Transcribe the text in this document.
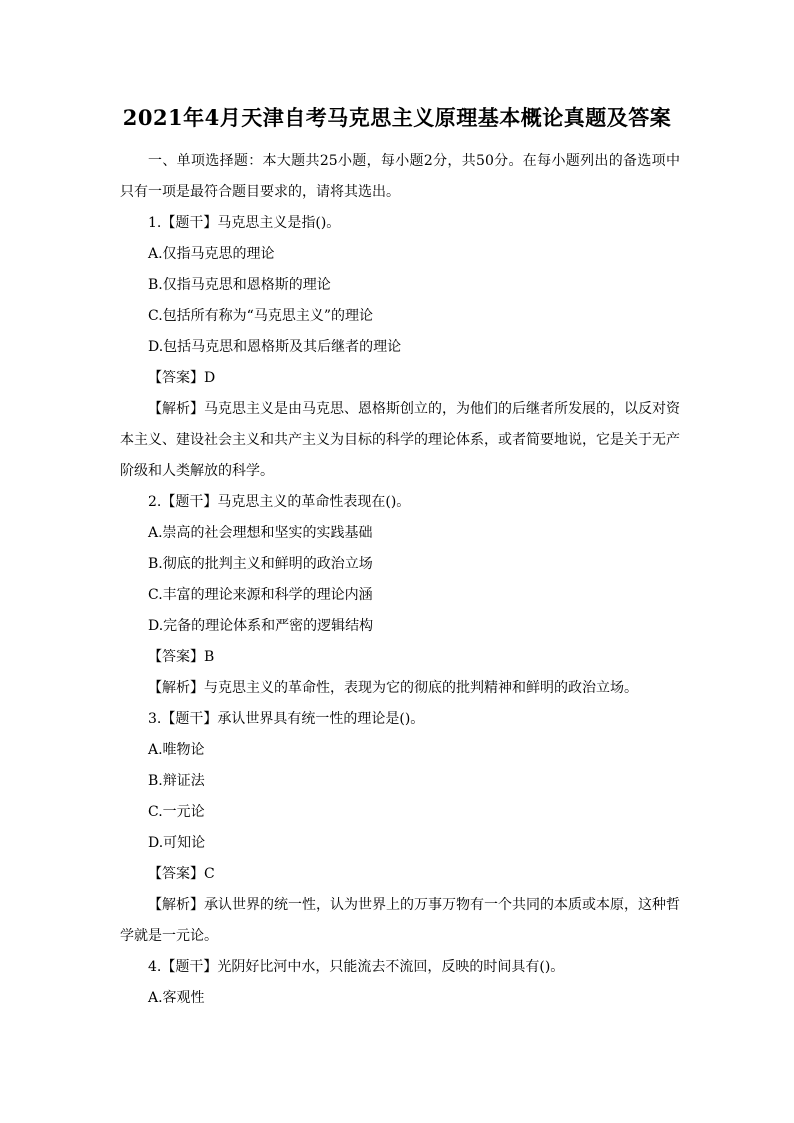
2021年4月天津自考马克思主义原理基本概论真题及答案
一、单项选择题：本大题共25小题，每小题2分，共50分。在每小题列出的备选项中只有一项是最符合题目要求的，请将其选出。
1.【题干】马克思主义是指()。
A.仅指马克思的理论
B.仅指马克思和恩格斯的理论
C.包括所有称为“马克思主义”的理论
D.包括马克思和恩格斯及其后继者的理论
【答案】D
【解析】马克思主义是由马克思、恩格斯创立的，为他们的后继者所发展的，以反对资本主义、建设社会主义和共产主义为目标的科学的理论体系，或者简要地说，它是关于无产阶级和人类解放的科学。
2.【题干】马克思主义的革命性表现在()。
A.崇高的社会理想和坚实的实践基础
B.彻底的批判主义和鲜明的政治立场
C.丰富的理论来源和科学的理论内涵
D.完备的理论体系和严密的逻辑结构
【答案】B
【解析】与克思主义的革命性，表现为它的彻底的批判精神和鲜明的政治立场。
3.【题干】承认世界具有统一性的理论是()。
A.唯物论
B.辩证法
C.一元论
D.可知论
【答案】C
【解析】承认世界的统一性，认为世界上的万事万物有一个共同的本质或本原，这种哲学就是一元论。
4.【题干】光阴好比河中水，只能流去不流回，反映的时间具有()。
A.客观性
